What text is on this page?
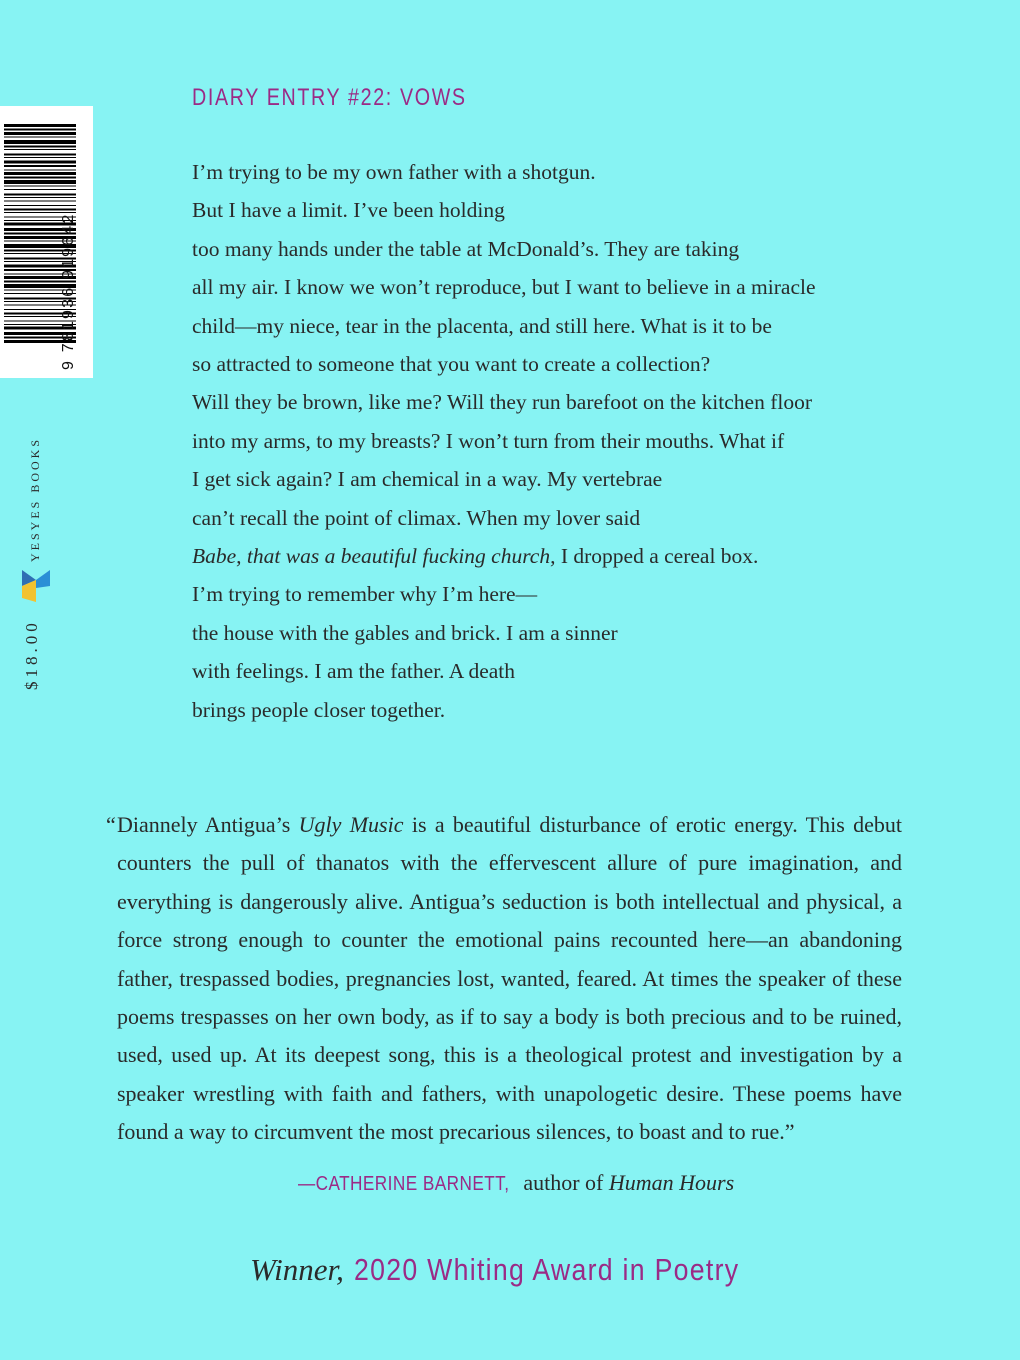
DIARY ENTRY #22: VOWS
I’m trying to be my own father with a shotgun.
But I have a limit. I’ve been holding
too many hands under the table at McDonald’s. They are taking
all my air. I know we won’t reproduce, but I want to believe in a miracle
child—my niece, tear in the placenta, and still here. What is it to be
so attracted to someone that you want to create a collection?
Will they be brown, like me? Will they run barefoot on the kitchen floor
into my arms, to my breasts? I won’t turn from their mouths. What if
I get sick again? I am chemical in a way. My vertebrae
can’t recall the point of climax. When my lover said
Babe, that was a beautiful fucking church, I dropped a cereal box.
I’m trying to remember why I’m here—
the house with the gables and brick. I am a sinner
with feelings. I am the father. A death
brings people closer together.
“ Diannely Antigua’s Ugly Music is a beautiful disturbance of erotic energy. This debut counters the pull of thanatos with the effervescent allure of pure imagination, and everything is dangerously alive. Antigua’s seduction is both intellectual and physical, a force strong enough to counter the emotional pains recounted here—an abandoning father, trespassed bodies, pregnancies lost, wanted, feared. At times the speaker of these poems trespasses on her own body, as if to say a body is both precious and to be ruined, used, used up. At its deepest song, this is a theological protest and investigation by a speaker wrestling with faith and fathers, with unapologetic desire. These poems have found a way to circumvent the most precarious silences, to boast and to rue.”
—CATHERINE BARNETT, author of Human Hours
Winner, 2020 Whiting Award in Poetry
9 781936 919642
YESYES BOOKS
$18.00
